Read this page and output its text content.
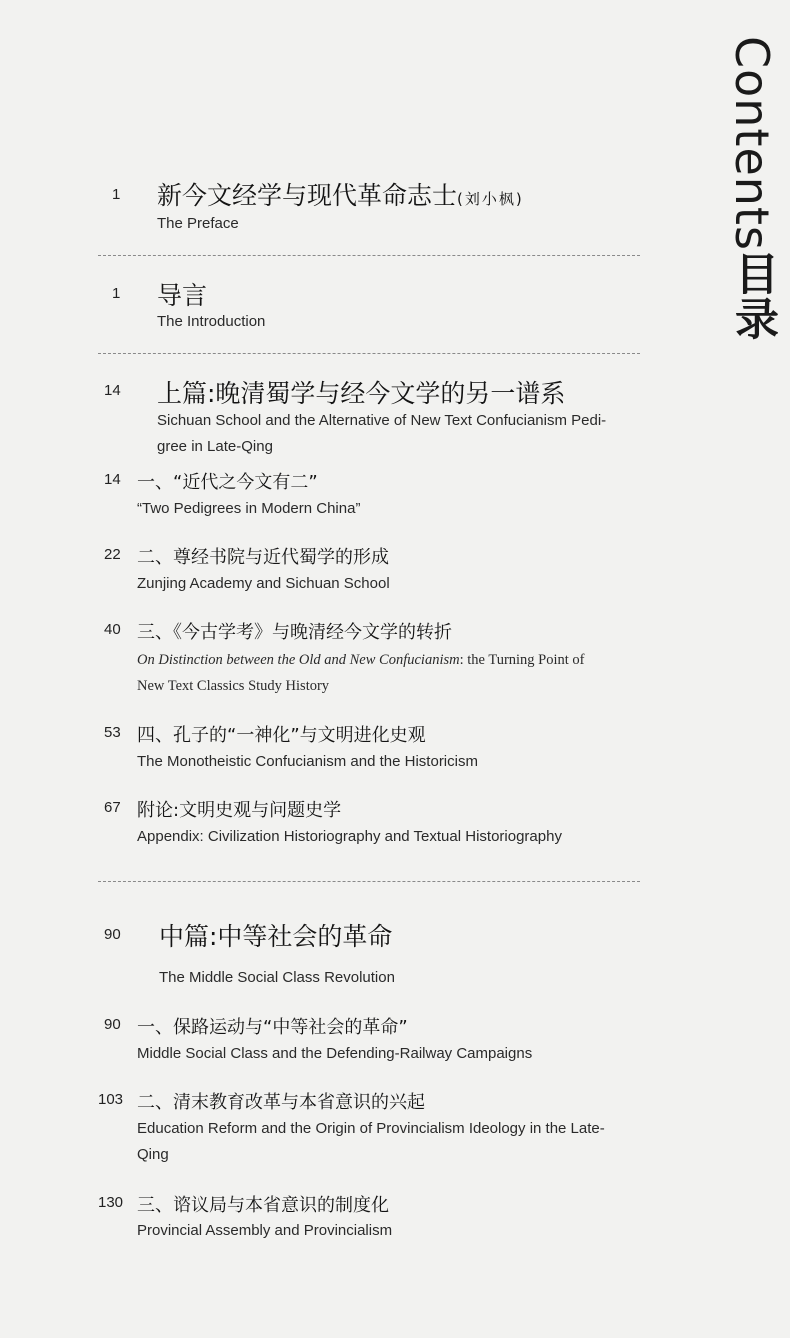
Contents目录
1	新今文经学与现代革命志士(刘小枫)
The Preface
1	导言
The Introduction
14	上篇:晚清蜀学与经今文学的另一谱系
Sichuan School and the Alternative of New Text Confucianism Pedi-
gree in Late-Qing
14 一、“近代之今文有二”
“Two Pedigrees in Modern China”
22 二、尊经书院与近代蜀学的形成
Zunjing Academy and Sichuan School
40 三、《今古学考》与晚清经今文学的转折
On Distinction between the Old and New Confucianism: the Turning Point of
New Text Classics Study History
53 四、孔子的“一神化”与文明进化史观
The Monotheistic Confucianism and the Historicism
67 附论:文明史观与问题史学
Appendix: Civilization Historiography and Textual Historiography
90	中篇:中等社会的革命
The Middle Social Class Revolution
90 一、保路运动与“中等社会的革命”
Middle Social Class and the Defending-Railway Campaigns
103 二、清末教育改革与本省意识的兴起
Education Reform and the Origin of Provincialism Ideology in the Late-
Qing
130 三、谘议局与本省意识的制度化
Provincial Assembly and Provincialism
